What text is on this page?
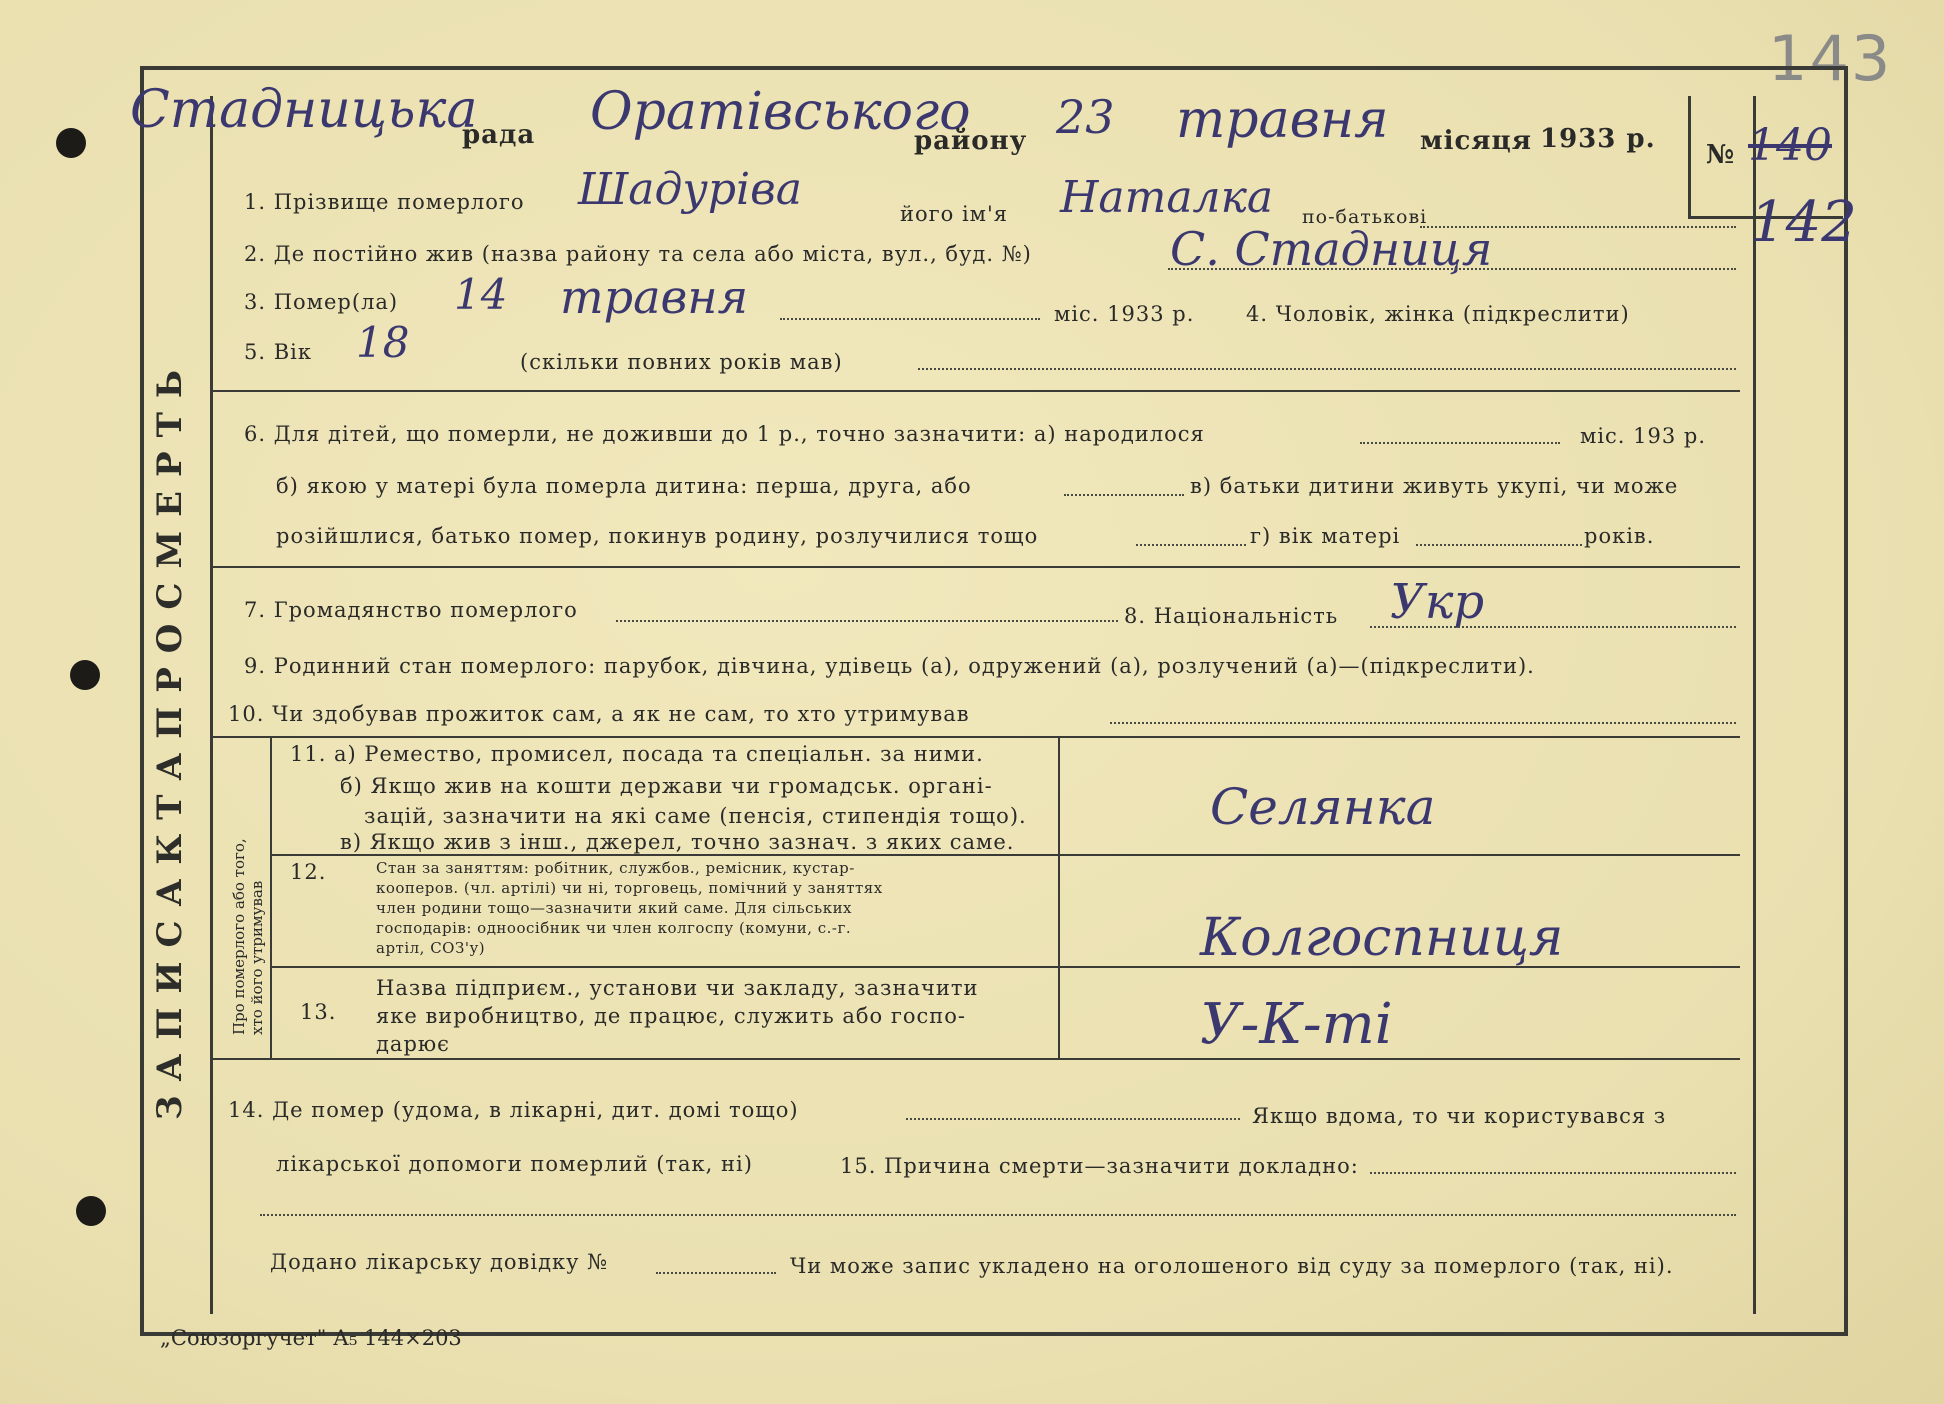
143
ЗАПИСАКТАПРОСМЕРТЬ	Про померлого або того, хто його утримував
Стадницька
рада Оратівського
району 23 травня місяця 1933 р.
№ 140
142
1. Прізвище померлого Шадуріва	його ім'я Наталка по-батькові
2. Де постійно жив (назва району та села або міста, вул., буд. №)	С. Стадниця
3. Помер(ла) 14 травня	міс. 1933 р. 4. Чоловік, жінка (підкреслити)
5. Вік 18	(скільки повних років мав)
6. Для дітей, що померли, не доживши до 1 р., точно зазначити: а) народилося	міс. 193 р.
б) якою у матері була померла дитина: перша, друга, або	в) батьки дитини живуть укупі, чи може
розійшлися, батько помер, покинув родину, розлучилися тощо	г) вік матері	років.
7. Громадянство померлого	8. Національність Укр
9. Родинний стан померлого: парубок, дівчина, удівець (а), одружений (а), розлучений (а)—(підкреслити).
10. Чи здобував прожиток сам, а як не сам, то хто утримував
11. а) Ремество, промисел, посада та спеціальн. за ними.
б) Якщо жив на кошти держави чи громадськ. органі-
зацій, зазначити на які саме (пенсія, стипендія тощо).
в) Якщо жив з інш., джерел, точно зазнач. з яких саме.
Селянка
12.	Стан за заняттям: робітник, службов., ремісник, кустар-
кооперов. (чл. артілі) чи ні, торговець, помічний у заняттях
член родини тощо—зазначити який саме. Для сільських
господарів: одноосібник чи член колгоспу (комуни, с.-г.
артіл, СОЗ'у)	Колгоспниця
13.
Назва підприєм., установи чи закладу, зазначити
яке виробництво, де працює, служить або госпо-
дарює	У-К-ті
14. Де помер (удома, в лікарні, дит. домі тощо)	Якщо вдома, то чи користувався з
лікарської допомоги померлий (так, ні)	15. Причина смерти—зазначити докладно:
Додано лікарську довідку №	Чи може запис укладено на оголошеного від суду за померлого (так, ні).
„Союзоргучет" А₅ 144×203
